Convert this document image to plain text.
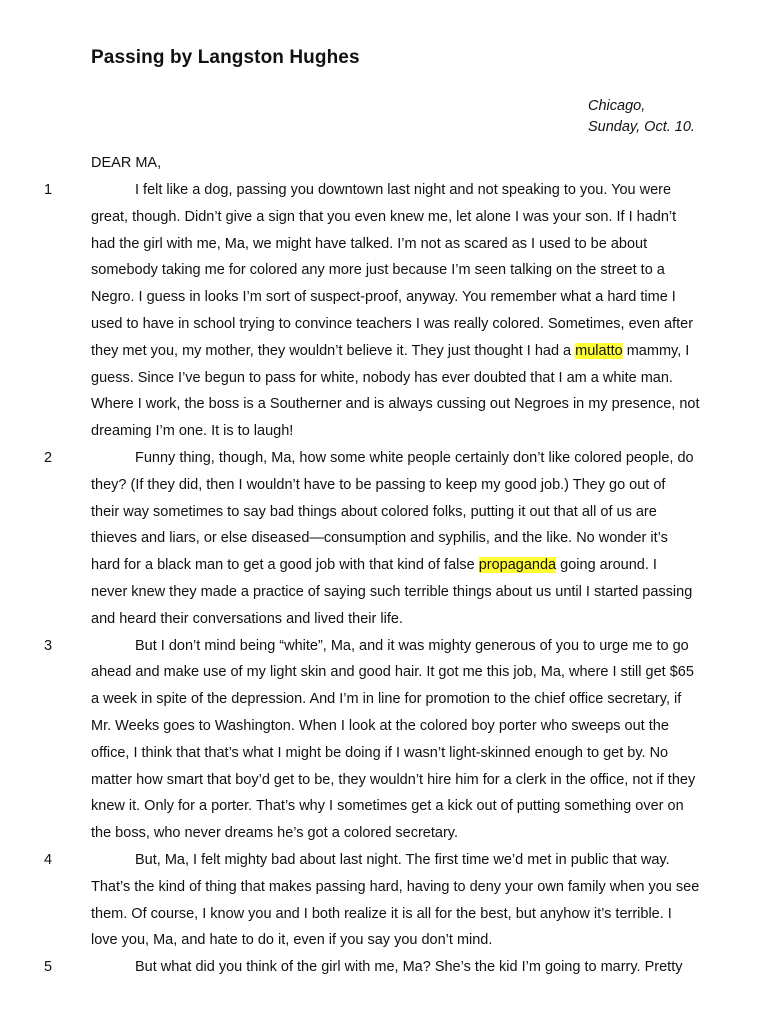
Passing by Langston Hughes
Chicago,
Sunday, Oct. 10.
DEAR MA,
1	I felt like a dog, passing you downtown last night and not speaking to you. You were
great, though. Didn’t give a sign that you even knew me, let alone I was your son. If I hadn’t
had the girl with me, Ma, we might have talked. I’m not as scared as I used to be about
somebody taking me for colored any more just because I’m seen talking on the street to a
Negro. I guess in looks I’m sort of suspect-proof, anyway. You remember what a hard time I
used to have in school trying to convince teachers I was really colored. Sometimes, even after
they met you, my mother, they wouldn’t believe it. They just thought I had a mulatto mammy, I
guess. Since I’ve begun to pass for white, nobody has ever doubted that I am a white man.
Where I work, the boss is a Southerner and is always cussing out Negroes in my presence, not
dreaming I’m one. It is to laugh!
2	Funny thing, though, Ma, how some white people certainly don’t like colored people, do
they? (If they did, then I wouldn’t have to be passing to keep my good job.) They go out of
their way sometimes to say bad things about colored folks, putting it out that all of us are
thieves and liars, or else diseased—consumption and syphilis, and the like. No wonder it’s
hard for a black man to get a good job with that kind of false propaganda going around. I
never knew they made a practice of saying such terrible things about us until I started passing
and heard their conversations and lived their life.
3	But I don’t mind being “white”, Ma, and it was mighty generous of you to urge me to go
ahead and make use of my light skin and good hair. It got me this job, Ma, where I still get $65
a week in spite of the depression. And I’m in line for promotion to the chief office secretary, if
Mr. Weeks goes to Washington. When I look at the colored boy porter who sweeps out the
office, I think that that’s what I might be doing if I wasn’t light-skinned enough to get by. No
matter how smart that boy’d get to be, they wouldn’t hire him for a clerk in the office, not if they
knew it. Only for a porter. That’s why I sometimes get a kick out of putting something over on
the boss, who never dreams he’s got a colored secretary.
4	But, Ma, I felt mighty bad about last night. The first time we’d met in public that way.
That’s the kind of thing that makes passing hard, having to deny your own family when you see
them. Of course, I know you and I both realize it is all for the best, but anyhow it’s terrible. I
love you, Ma, and hate to do it, even if you say you don’t mind.
5	But what did you think of the girl with me, Ma? She’s the kid I’m going to marry. Pretty
